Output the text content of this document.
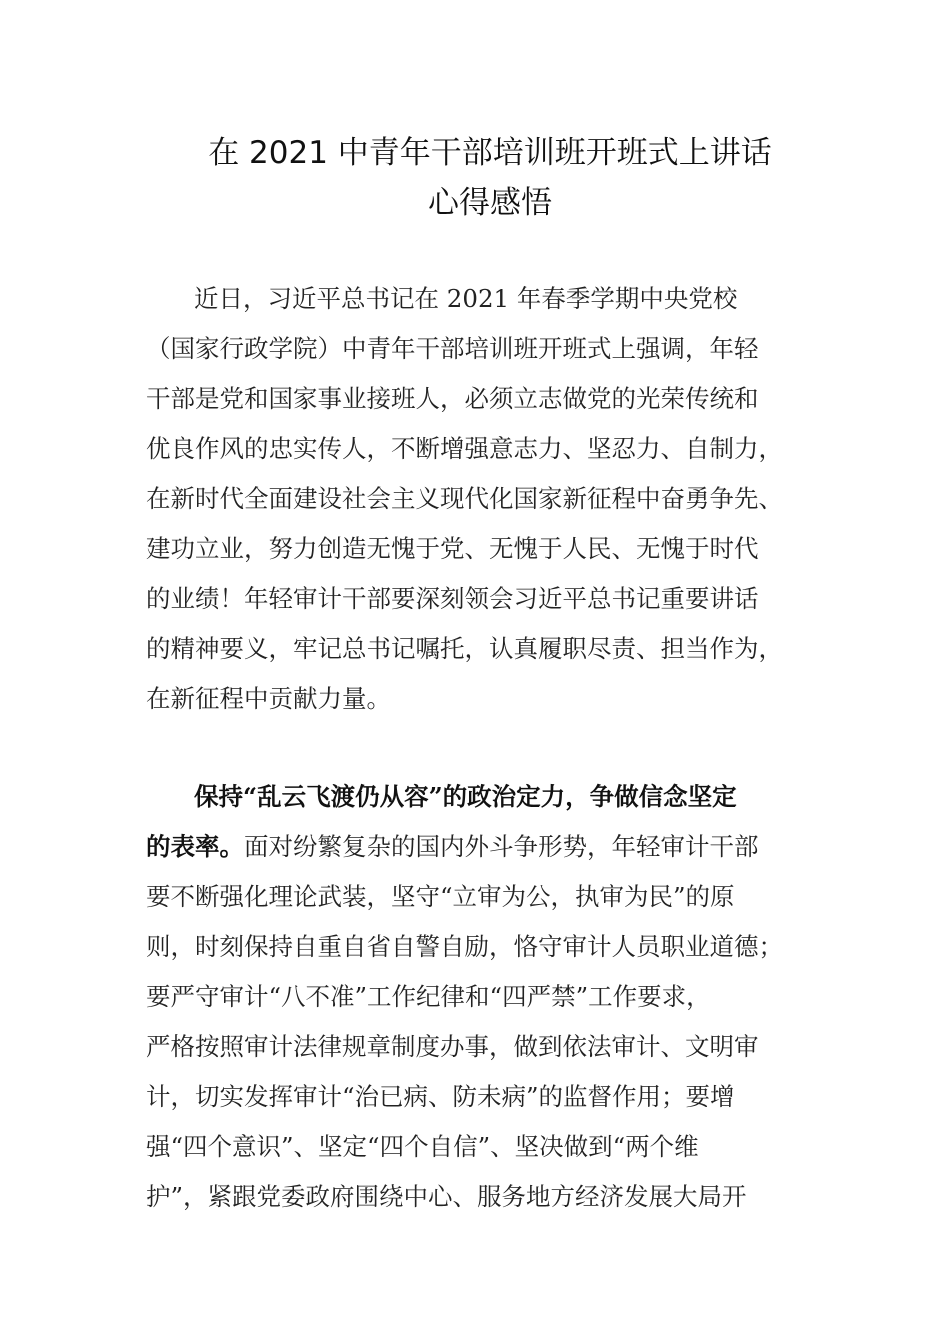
在 2021 中青年干部培训班开班式上讲话
心得感悟
近日，习近平总书记在 2021 年春季学期中央党校
（国家行政学院）中青年干部培训班开班式上强调，年轻
干部是党和国家事业接班人，必须立志做党的光荣传统和
优良作风的忠实传人，不断增强意志力、坚忍力、自制力，
在新时代全面建设社会主义现代化国家新征程中奋勇争先、
建功立业，努力创造无愧于党、无愧于人民、无愧于时代
的业绩！年轻审计干部要深刻领会习近平总书记重要讲话
的精神要义，牢记总书记嘱托，认真履职尽责、担当作为，
在新征程中贡献力量。
保持“乱云飞渡仍从容”的政治定力，争做信念坚定
的表率。面对纷繁复杂的国内外斗争形势，年轻审计干部
要不断强化理论武装，坚守“立审为公，执审为民”的原
则，时刻保持自重自省自警自励，恪守审计人员职业道德；
要严守审计“八不准”工作纪律和“四严禁”工作要求，
严格按照审计法律规章制度办事，做到依法审计、文明审
计，切实发挥审计“治已病、防未病”的监督作用；要增
强“四个意识”、坚定“四个自信”、坚决做到“两个维
护”，紧跟党委政府围绕中心、服务地方经济发展大局开
